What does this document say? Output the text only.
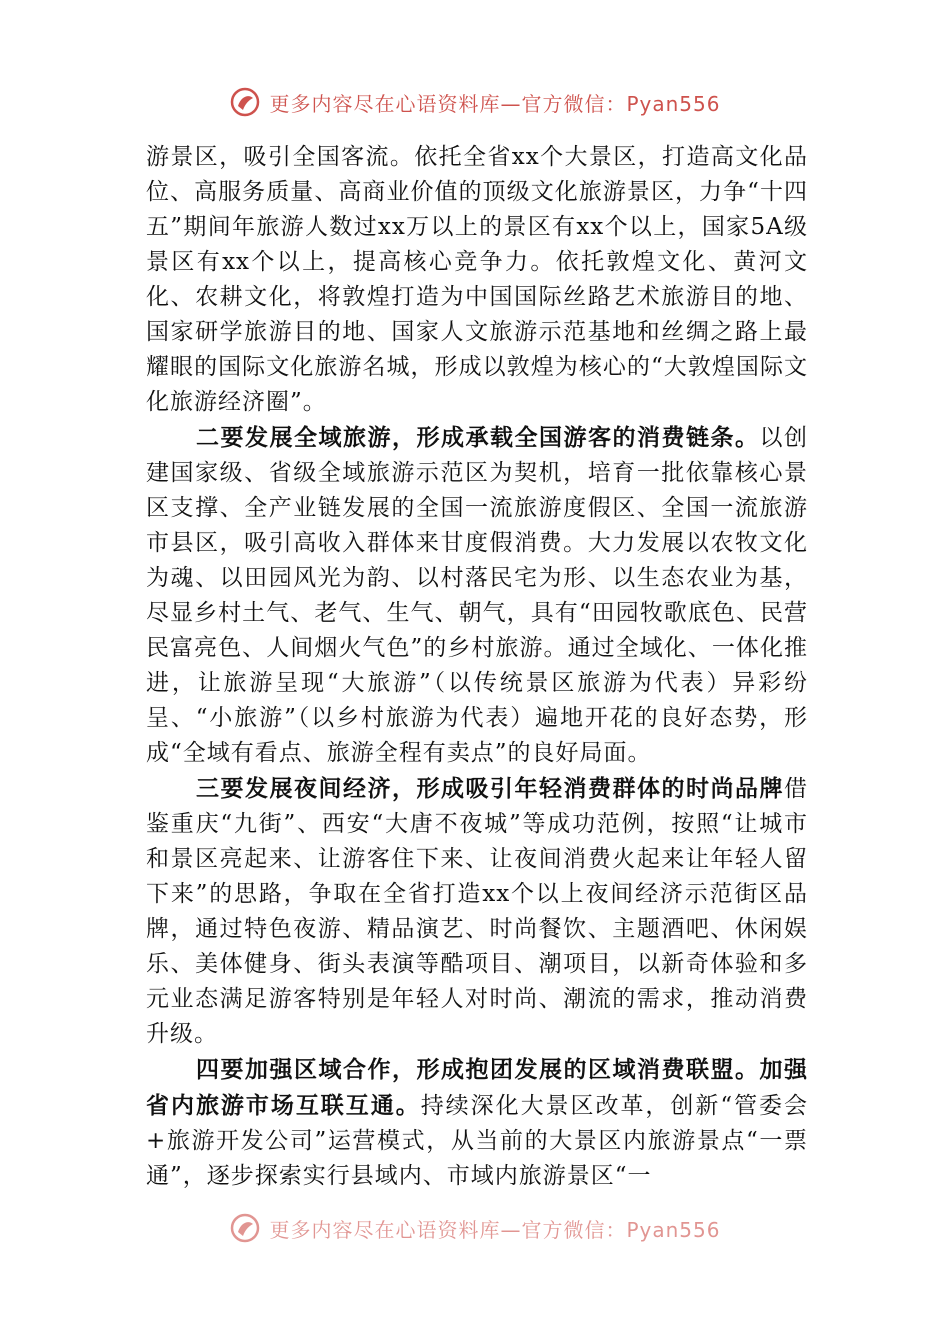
更多内容尽在心语资料库—官方微信：Pyan556

游景区，吸引全国客流。依托全省xx个大景区，打造高文化品位、高服务质量、高商业价值的顶级文化旅游景区，力争“十四五”期间年旅游人数过xx万以上的景区有xx个以上，国家5A级景区有xx个以上，提高核心竞争力。依托敦煌文化、黄河文化、农耕文化，将敦煌打造为中国国际丝路艺术旅游目的地、国家研学旅游目的地、国家人文旅游示范基地和丝绸之路上最耀眼的国际文化旅游名城，形成以敦煌为核心的“大敦煌国际文化旅游经济圈”。

二要发展全域旅游，形成承载全国游客的消费链条。以创建国家级、省级全域旅游示范区为契机，培育一批依靠核心景区支撑、全产业链发展的全国一流旅游度假区、全国一流旅游市县区，吸引高收入群体来甘度假消费。大力发展以农牧文化为魂、以田园风光为韵、以村落民宅为形、以生态农业为基，尽显乡村土气、老气、生气、朝气，具有“田园牧歌底色、民营民富亮色、人间烟火气色”的乡村旅游。通过全域化、一体化推进，让旅游呈现“大旅游”（以传统景区旅游为代表）异彩纷呈、“小旅游”（以乡村旅游为代表）遍地开花的良好态势，形成“全域有看点、旅游全程有卖点”的良好局面。

三要发展夜间经济，形成吸引年轻消费群体的时尚品牌借鉴重庆“九街”、西安“大唐不夜城”等成功范例，按照“让城市和景区亮起来、让游客住下来、让夜间消费火起来让年轻人留下来”的思路，争取在全省打造xx个以上夜间经济示范街区品牌，通过特色夜游、精品演艺、时尚餐饮、主题酒吧、休闲娱乐、美体健身、街头表演等酷项目、潮项目，以新奇体验和多元业态满足游客特别是年轻人对时尚、潮流的需求，推动消费升级。

四要加强区域合作，形成抱团发展的区域消费联盟。加强省内旅游市场互联互通。持续深化大景区改革，创新“管委会+旅游开发公司”运营模式，从当前的大景区内旅游景点“一票通”，逐步探索实行县域内、市域内旅游景区“一

更多内容尽在心语资料库—官方微信：Pyan556
